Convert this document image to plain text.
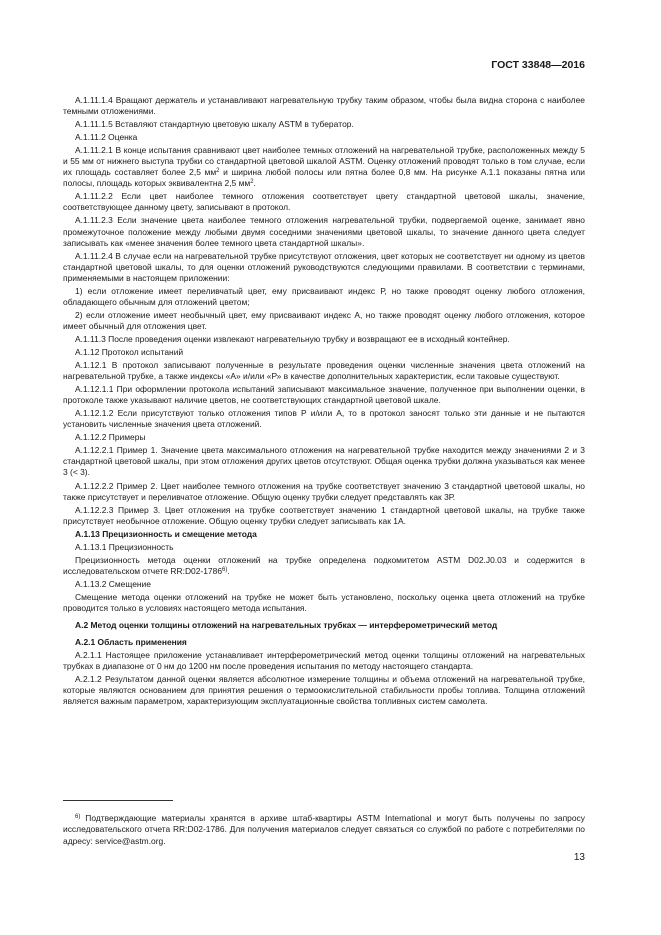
ГОСТ 33848—2016

А.1.11.1.4 Вращают держатель и устанавливают нагревательную трубку таким образом, чтобы была видна сторона с наиболее темными отложениями.

А.1.11.1.5 Вставляют стандартную цветовую шкалу ASTM в туберaтор.

А.1.11.2 Оценка

А.1.11.2.1 В конце испытания сравнивают цвет наиболее темных отложений на нагревательной трубке, расположенных между 5 и 55 мм от нижнего выступа трубки со стандартной цветовой шкалой ASTM. Оценку отложений проводят только в том случае, если их площадь составляет более 2,5 $мм^2$ и ширина любой полосы или пятна более 0,8 мм. На рисунке А.1.1 показаны пятна или полосы, площадь которых эквивалентна 2,5 $мм^2$.

А.1.11.2.2 Если цвет наиболее темного отложения соответствует цвету стандартной цветовой шкалы, значение, соответствующее данному цвету, записывают в протокол.

А.1.11.2.3 Если значение цвета наиболее темного отложения нагревательной трубки, подвергаемой оценке, занимает явно промежуточное положение между любыми двумя соседними значениями цветовой шкалы, то значение данного цвета следует записывать как «менее значения более темного цвета стандартной шкалы».

А.1.11.2.4 В случае если на нагревательной трубке присутствуют отложения, цвет которых не соответствует ни одному из цветов стандартной цветовой шкалы, то для оценки отложений руководствуются следующими правилами. В соответствии с терминами, применяемыми в настоящем приложении:

1) если отложение имеет переливчатый цвет, ему присваивают индекс Р, но также проводят оценку любого отложения, обладающего обычным для отложений цветом;

2) если отложение имеет необычный цвет, ему присваивают индекс А, но также проводят оценку любого отложения, которое имеет обычный для отложения цвет.

А.1.11.3 После проведения оценки извлекают нагревательную трубку и возвращают ее в исходный контейнер.

А.1.12 Протокол испытаний

А.1.12.1 В протокол записывают полученные в результате проведения оценки численные значения цвета отложений на нагревательной трубке, а также индексы «А» и/или «Р» в качестве дополнительных характеристик, если таковые существуют.

А.1.12.1.1 При оформлении протокола испытаний записывают максимальное значение, полученное при выполнении оценки, в протоколе также указывают наличие цветов, не соответствующих стандартной цветовой шкале.

А.1.12.1.2 Если присутствуют только отложения типов Р и/или А, то в протокол заносят только эти данные и не пытаются установить численные значения цвета отложений.

А.1.12.2 Примеры

А.1.12.2.1 Пример 1. Значение цвета максимального отложения на нагревательной трубке находится между значениями 2 и 3 стандартной цветовой шкалы, при этом отложения других цветов отсутствуют. Общая оценка трубки должна указываться как менее 3 (< 3).

А.1.12.2.2 Пример 2. Цвет наиболее темного отложения на трубке соответствует значению 3 стандартной цветовой шкалы, но также присутствует и переливчатое отложение. Общую оценку трубки следует представлять как 3Р.

А.1.12.2.3 Пример 3. Цвет отложения на трубке соответствует значению 1 стандартной цветовой шкалы, на трубке также присутствует необычное отложение. Общую оценку трубки следует записывать как 1А.

А.1.13 Прецизионность и смещение метода

А.1.13.1 Прецизионность

Прецизионность метода оценки отложений на трубке определена подкомитетом ASTM D02.J0.03 и содержится в исследовательском отчете RR:D02-1786$^{6)}$.

А.1.13.2 Смещение

Смещение метода оценки отложений на трубке не может быть установлено, поскольку оценка цвета отложений на трубке проводится только в условиях настоящего метода испытания.

А.2 Метод оценки толщины отложений на нагревательных трубках — интерферометрический метод

А.2.1 Область применения

А.2.1.1 Настоящее приложение устанавливает интерферометрический метод оценки толщины отложений на нагревательных трубках в диапазоне от 0 нм до 1200 нм после проведения испытания по методу настоящего стандарта.

А.2.1.2 Результатом данной оценки является абсолютное измерение толщины и объема отложений на нагревательной трубке, которые являются основанием для принятия решения о термоокислительной стабильности пробы топлива. Толщина отложений является важным параметром, характеризующим эксплуатационные свойства топливных систем самолета.

$^{6)}$ Подтверждающие материалы хранятся в архиве штаб-квартиры ASTM International и могут быть получены по запросу исследовательского отчета RR:D02-1786. Для получения материалов следует связаться со службой по работе с потребителями по адресу: service@astm.org.

13
